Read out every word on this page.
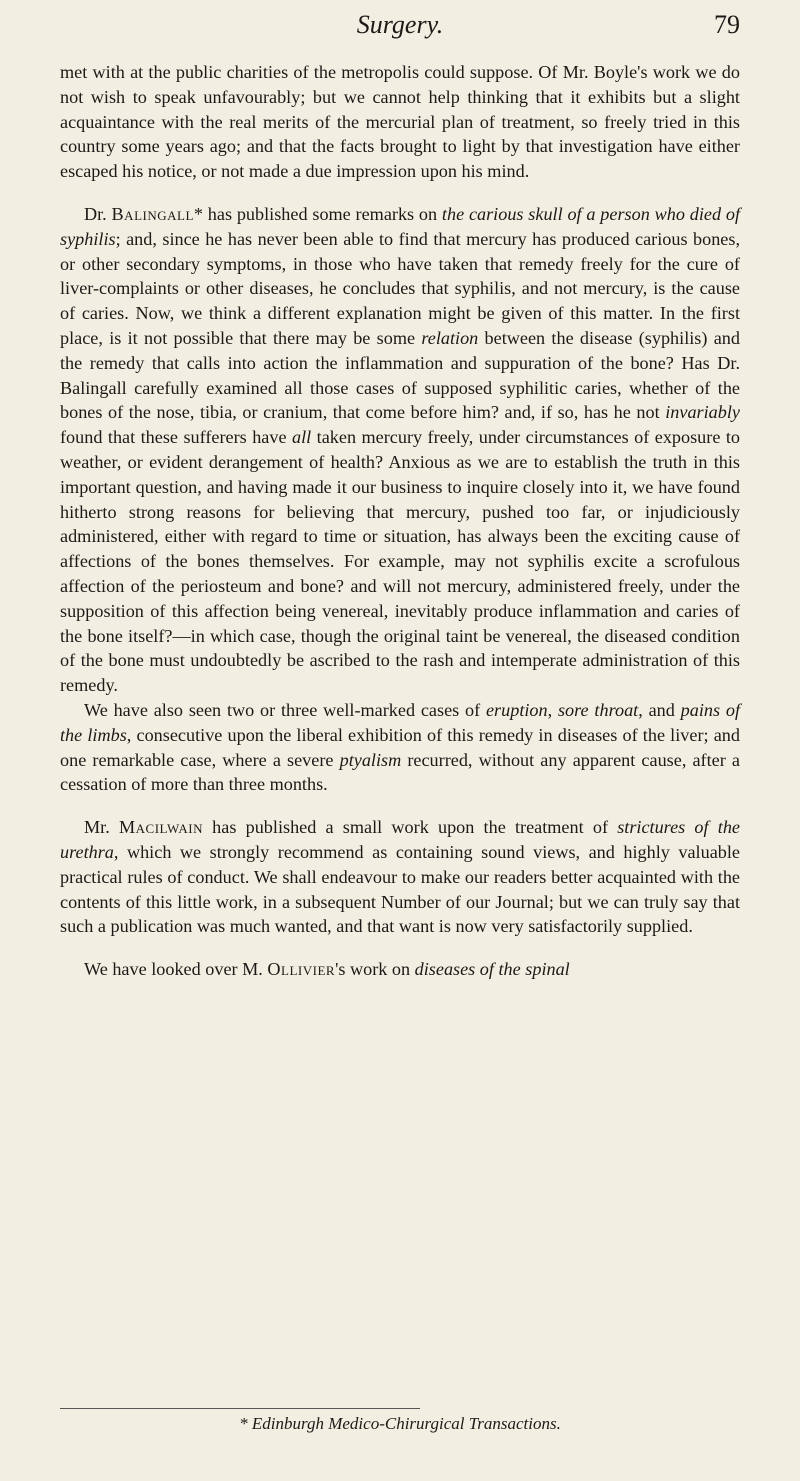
Surgery.	79

met with at the public charities of the metropolis could suppose. Of Mr. Boyle's work we do not wish to speak unfavourably; but we cannot help thinking that it exhibits but a slight acquaintance with the real merits of the mercurial plan of treatment, so freely tried in this country some years ago; and that the facts brought to light by that investigation have either escaped his notice, or not made a due impression upon his mind.

Dr. Balingall* has published some remarks on the carious skull of a person who died of syphilis; and, since he has never been able to find that mercury has produced carious bones, or other secondary symptoms, in those who have taken that remedy freely for the cure of liver-complaints or other diseases, he concludes that syphilis, and not mercury, is the cause of caries. Now, we think a different explanation might be given of this matter. In the first place, is it not possible that there may be some relation between the disease (syphilis) and the remedy that calls into action the inflammation and suppuration of the bone? Has Dr. Balingall carefully examined all those cases of supposed syphilitic caries, whether of the bones of the nose, tibia, or cranium, that come before him? and, if so, has he not invariably found that these sufferers have all taken mercury freely, under circumstances of exposure to weather, or evident derangement of health? Anxious as we are to establish the truth in this important question, and having made it our business to inquire closely into it, we have found hitherto strong reasons for believing that mercury, pushed too far, or injudiciously administered, either with regard to time or situation, has always been the exciting cause of affections of the bones themselves. For example, may not syphilis excite a scrofulous affection of the periosteum and bone? and will not mercury, administered freely, under the supposition of this affection being venereal, inevitably produce inflammation and caries of the bone itself?—in which case, though the original taint be venereal, the diseased condition of the bone must undoubtedly be ascribed to the rash and intemperate administration of this remedy.

We have also seen two or three well-marked cases of eruption, sore throat, and pains of the limbs, consecutive upon the liberal exhibition of this remedy in diseases of the liver; and one remarkable case, where a severe ptyalism recurred, without any apparent cause, after a cessation of more than three months.

Mr. Macilwain has published a small work upon the treatment of strictures of the urethra, which we strongly recommend as containing sound views, and highly valuable practical rules of conduct. We shall endeavour to make our readers better acquainted with the contents of this little work, in a subsequent Number of our Journal; but we can truly say that such a publication was much wanted, and that want is now very satisfactorily supplied.

We have looked over M. Ollivier's work on diseases of the spinal

* Edinburgh Medico-Chirurgical Transactions.
